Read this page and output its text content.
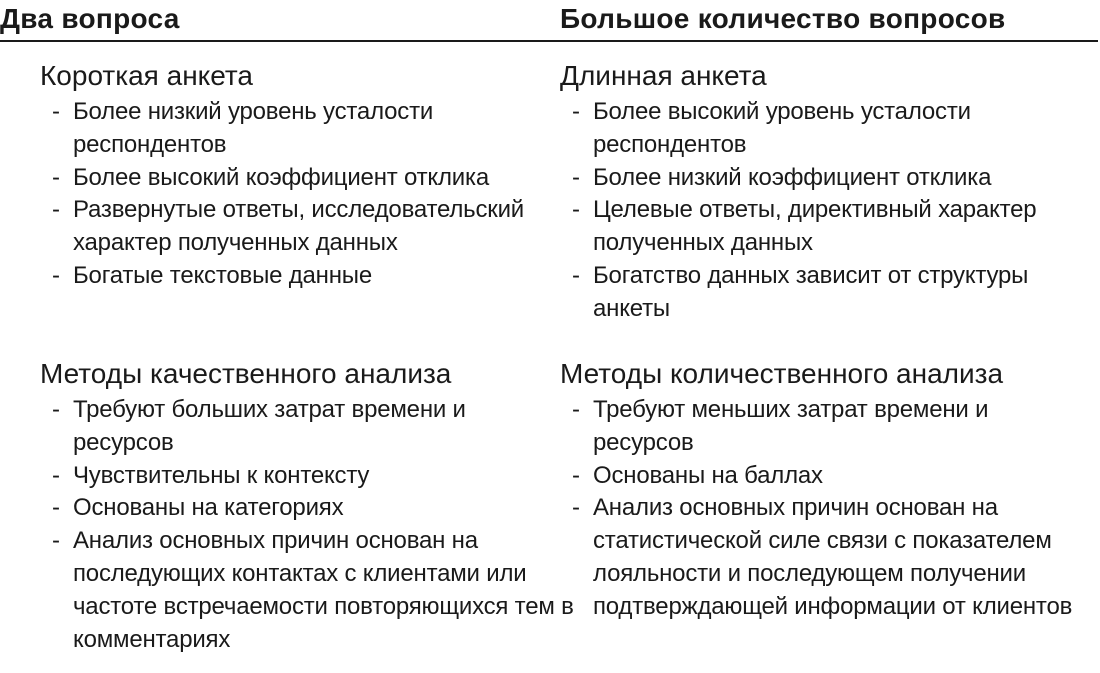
Два вопроса	Большое количество вопросов
Короткая анкета
- Более низкий уровень усталости респондентов
- Более высокий коэффициент отклика
- Развернутые ответы, исследовательский характер полученных данных
- Богатые текстовые данные
Методы качественного анализа
- Требуют больших затрат времени и ресурсов
- Чувствительны к контексту
- Основаны на категориях
- Анализ основных причин основан на последующих контактах с клиентами или частоте встречаемости повторяющихся тем в комментариях
Длинная анкета
- Более высокий уровень усталости респондентов
- Более низкий коэффициент отклика
- Целевые ответы, директивный характер полученных данных
- Богатство данных зависит от структуры анкеты
Методы количественного анализа
- Требуют меньших затрат времени и ресурсов
- Основаны на баллах
- Анализ основных причин основан на статистической силе связи с показателем лояльности и последующем получении подтверждающей информации от клиентов
